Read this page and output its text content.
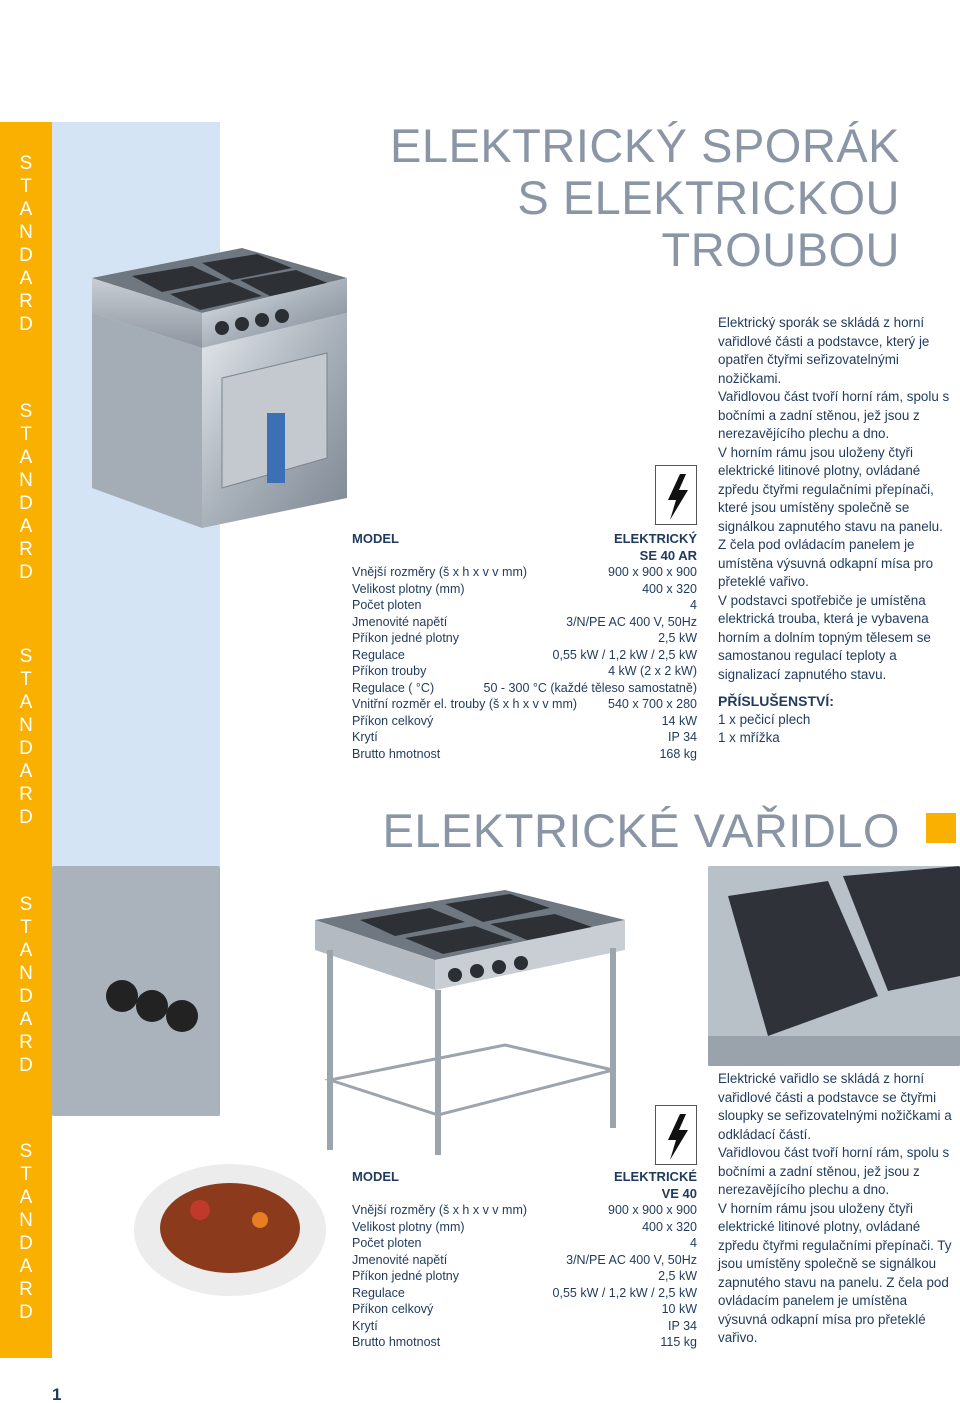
S
T
A
N
D
A
R
D
S
T
A
N
D
A
R
D
S
T
A
N
D
A
R
D
S
T
A
N
D
A
R
D
S
T
A
N
D
A
R
D
ELEKTRICKÝ SPORÁK
S ELEKTRICKOU TROUBOU
MODEL	ELEKTRICKÝ
SE 40 AR
Vnější rozměry (š x h x v v mm)	900 x 900 x 900
Velikost plotny (mm)	400 x 320
Počet ploten	4
Jmenovité napětí	3/N/PE AC 400 V, 50Hz
Příkon jedné plotny	2,5 kW
Regulace	0,55 kW / 1,2 kW / 2,5 kW
Příkon trouby	4 kW (2 x 2 kW)
Regulace ( °C)	50 - 300 °C (každé těleso samostatně)
Vnitřní rozměr el. trouby (š x h x v v mm) 540 x 700 x 280
Příkon celkový	14 kW
Krytí	IP 34
Brutto hmotnost	168 kg

Elektrický sporák se skládá z horní vařidlové části a podstavce, který je opatřen čtyřmi seřizovatelnými nožičkami.

Vařidlovou část tvoří horní rám, spolu s bočními a zadní stěnou, jež jsou z nerezavějícího plechu a dno.

V horním rámu jsou uloženy čtyři elektrické litinové plotny, ovládané zpředu čtyřmi regulačními přepínači, které jsou umístěny společně se signálkou zapnutého stavu na panelu.

Z čela pod ovládacím panelem je umístěna výsuvná odkapní mísa pro přeteklé vařivo.

V podstavci spotřebiče je umístěna elektrická trouba, která je vybavena horním a dolním topným tělesem se samostanou regulací teploty a signalizací zapnutého stavu.

PŘÍSLUŠENSTVÍ:

1 x pečicí plech

1 x mřížka

ELEKTRICKÉ VAŘIDLO
MODEL	ELEKTRICKÉ
VE 40
Vnější rozměry (š x h x v v mm)	900 x 900 x 900
Velikost plotny (mm)	400 x 320
Počet ploten	4
Jmenovité napětí	3/N/PE AC 400 V, 50Hz
Příkon jedné plotny	2,5 kW
Regulace	0,55 kW / 1,2 kW / 2,5 kW
Příkon celkový	10 kW
Krytí	IP 34
Brutto hmotnost	115 kg

Elektrické vařidlo se skládá z horní vařidlové části a podstavce se čtyřmi sloupky se seřizovatelnými nožičkami a odkládací částí.

Vařidlovou část tvoří horní rám, spolu s bočními a zadní stěnou, jež jsou z nerezavějícího plechu a dno.

V horním rámu jsou uloženy čtyři elektrické litinové plotny, ovládané zpředu čtyřmi regulačními přepínači. Ty jsou umístěny společně se signálkou zapnutého stavu na panelu. Z čela pod ovládacím panelem je umístěna výsuvná odkapní mísa pro přeteklé vařivo.

1
